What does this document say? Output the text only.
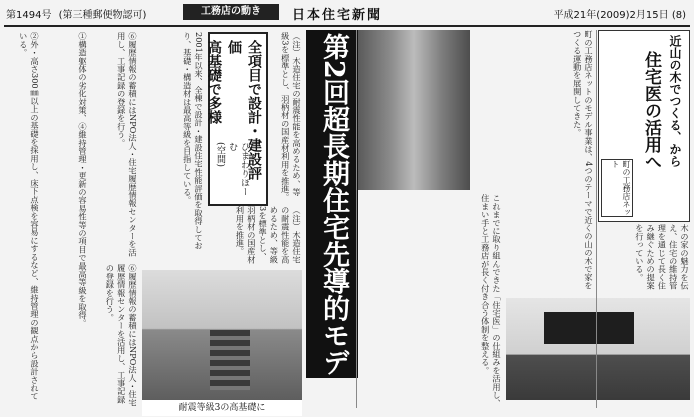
第1494号 (第三種郵便物認可)	工務店の動き	日本住宅新聞	平成21年(2009)2月15日 (8)
②外・高さ300㎜以上の基礎を採用し、床下点検を容易にするなど、維持管理の観点から設計されている。	①構造躯体の劣化対策、④維持管理・更新の容易性等の項目で最高等級を取得。	⑥履歴情報の蓄積にはNPO法人・住宅履歴情報センターを活用し、工事記録の登録を行う。	2001年以来、全棟で設計・建設住宅性能評価を取得しており、基礎・構造材は最高等級を目指している。
（注）木造住宅の耐震性能を高めるため、等級3を標準とし、羽柄材の国産材利用を推進。
（注）木造住宅の耐震性能を高めるため、等級3を標準とし、羽柄材の国産材利用を推進。
⑥履歴情報の蓄積にはNPO法人・住宅履歴情報センターを活用し、工事記録の登録を行う。
全項目で設計・建設評価
高基礎で多様
ひまわりほーむ
(空間)
第2回超長期住宅先導的モデ
耐震等級3の高基礎に
これまでに取り組んできた「住宅医」の仕組みを活用し、住まい手と工務店が長く付き合う体制を整える。	町の工務店ネットのモデル事業は、4つのテーマで近くの山の木で家をつくる運動を展開してきた。
木の家の魅力を伝え、住宅の維持管理を通じて長く住み継ぐための提案を行っている。
近山の木でつくる、から
住宅医の活用へ
町の工務店ネット
